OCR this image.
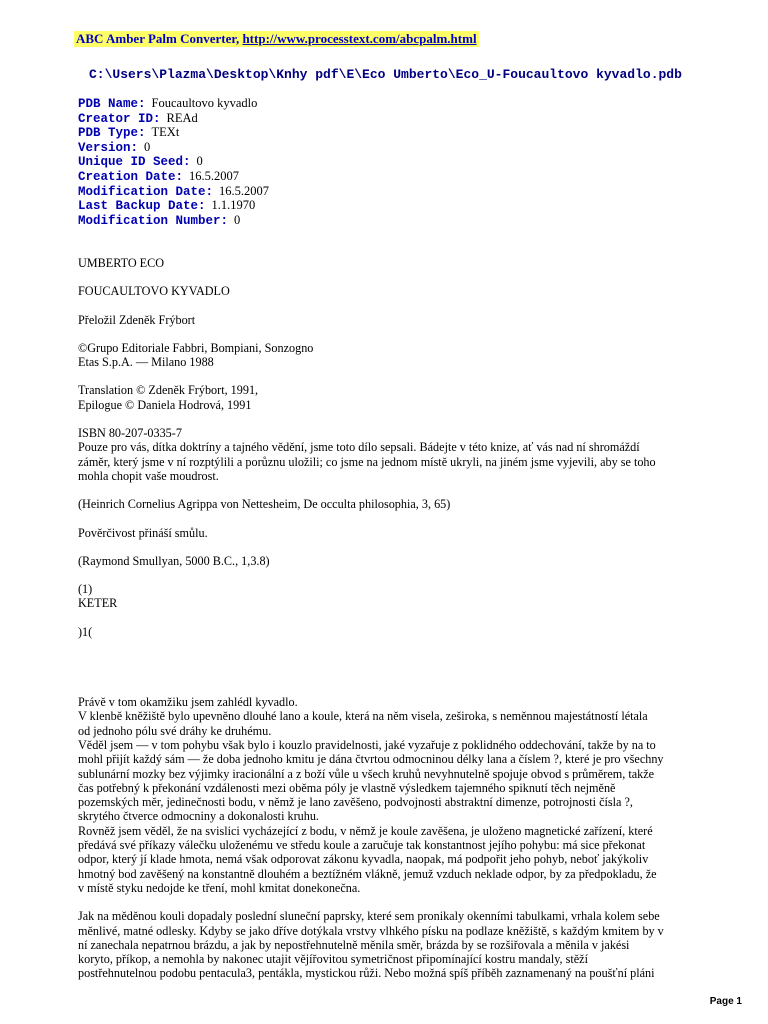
ABC Amber Palm Converter, http://www.processtext.com/abcpalm.html
C:\Users\Plazma\Desktop\Knhy pdf\E\Eco Umberto\Eco_U-Foucaultovo kyvadlo.pdb
PDB Name: Foucaultovo kyvadlo
Creator ID: REAd
PDB Type: TEXt
Version: 0
Unique ID Seed: 0
Creation Date: 16.5.2007
Modification Date: 16.5.2007
Last Backup Date: 1.1.1970
Modification Number: 0

UMBERTO ECO

FOUCAULTOVO KYVADLO

Přeložil Zdeněk Frýbort

©Grupo Editoriale Fabbri, Bompiani, Sonzogno
Etas S.p.A. — Milano 1988

Translation © Zdeněk Frýbort, 1991,
Epilogue © Daniela Hodrová, 1991

ISBN 80-207-0335-7
Pouze pro vás, dítka doktríny a tajného vědění, jsme toto dílo sepsali. Bádejte v této knize, ať vás nad ní shromáždí
záměr, který jsme v ní rozptýlili a porůznu uložili; co jsme na jednom místě ukryli, na jiném jsme vyjevili, aby se toho
mohla chopit vaše moudrost.

(Heinrich Cornelius Agrippa von Nettesheim, De occulta philosophia, 3, 65)

Pověrčivost přináší smůlu.

(Raymond Smullyan, 5000 B.C., 1,3.8)

(1)
KETER

)1(

Právě v tom okamžiku jsem zahlédl kyvadlo.
V klenbě kněžiště bylo upevněno dlouhé lano a koule, která na něm visela, zeširoka, s neměnnou majestátností létala
od jednoho pólu své dráhy ke druhému.
Věděl jsem — v tom pohybu však bylo i kouzlo pravidelnosti, jaké vyzařuje z poklidného oddechování, takže by na to
mohl přijít každý sám — že doba jednoho kmitu je dána čtvrtou odmocninou délky lana a číslem ?, které je pro všechny
sublunární mozky bez výjimky iracionální a z boží vůle u všech kruhů nevyhnutelně spojuje obvod s průměrem, takže
čas potřebný k překonání vzdálenosti mezi oběma póly je vlastně výsledkem tajemného spiknutí těch nejměně
pozemských měr, jedinečnosti bodu, v němž je lano zavěšeno, podvojnosti abstraktní dimenze, potrojnosti čísla ?,
skrytého čtverce odmocniny a dokonalosti kruhu.
Rovněž jsem věděl, že na svislici vycházející z bodu, v němž je koule zavěšena, je uloženo magnetické zařízení, které
předává své příkazy válečku uloženému ve středu koule a zaručuje tak konstantnost jejího pohybu: má sice překonat
odpor, který jí klade hmota, nemá však odporovat zákonu kyvadla, naopak, má podpořit jeho pohyb, neboť jakýkoliv
hmotný bod zavěšený na konstantně dlouhém a beztížném vlákně, jemuž vzduch neklade odpor, by za předpokladu, že
v místě styku nedojde ke tření, mohl kmitat donekonečna.

Jak na měděnou kouli dopadaly poslední sluneční paprsky, které sem pronikaly okenními tabulkami, vrhala kolem sebe
měnlivé, matné odlesky. Kdyby se jako dříve dotýkala vrstvy vlhkého písku na podlaze kněžiště, s každým kmitem by v
ní zanechala nepatrnou brázdu, a jak by nepostřehnutelně měnila směr, brázda by se rozšiřovala a měnila v jakési
koryto, příkop, a nemohla by nakonec utajit vějířovitou symetričnost připomínající kostru mandaly, stěží
postřehnutelnou podobu pentacula3, pentákla, mystickou růži. Nebo možná spíš příběh zaznamenaný na poušťní pláni

Page 1
